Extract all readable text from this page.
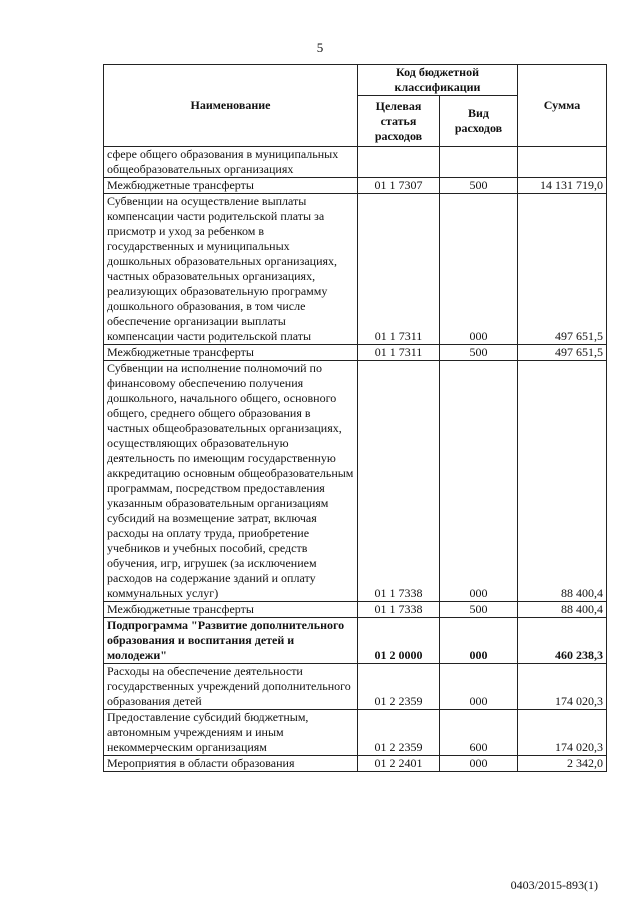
5
Наименование	Код бюджетной классификации		Сумма
	Целевая статья расходов	Вид расходов	
сфере общего образования в муниципальных общеобразовательных организациях			
Межбюджетные трансферты	01 1 7307	500	14 131 719,0
Субвенции на осуществление выплаты компенсации части родительской платы за присмотр и уход за ребенком в государственных и муниципальных дошкольных образовательных организациях, частных образовательных организациях, реализующих образовательную программу дошкольного образования, в том числе обеспечение организации выплаты компенсации части родительской платы	01 1 7311	000	497 651,5
Межбюджетные трансферты	01 1 7311	500	497 651,5
Субвенции на исполнение полномочий по финансовому обеспечению получения дошкольного, начального общего, основного общего, среднего общего образования в частных общеобразовательных организациях, осуществляющих образовательную деятельность по имеющим государственную аккредитацию основным общеобразовательным программам, посредством предоставления указанным образовательным организациям субсидий на возмещение затрат, включая расходы на оплату труда, приобретение учебников и учебных пособий, средств обучения, игр, игрушек (за исключением расходов на содержание зданий и оплату коммунальных услуг)	01 1 7338	000	88 400,4
Межбюджетные трансферты	01 1 7338	500	88 400,4
Подпрограмма "Развитие дополнительного образования и воспитания детей и молодежи"	01 2 0000	000	460 238,3
Расходы на обеспечение деятельности государственных учреждений дополнительного образования детей	01 2 2359	000	174 020,3
Предоставление субсидий бюджетным, автономным учреждениям и иным некоммерческим организациям	01 2 2359	600	174 020,3
Мероприятия в области образования	01 2 2401	000	2 342,0
0403/2015-893(1)
